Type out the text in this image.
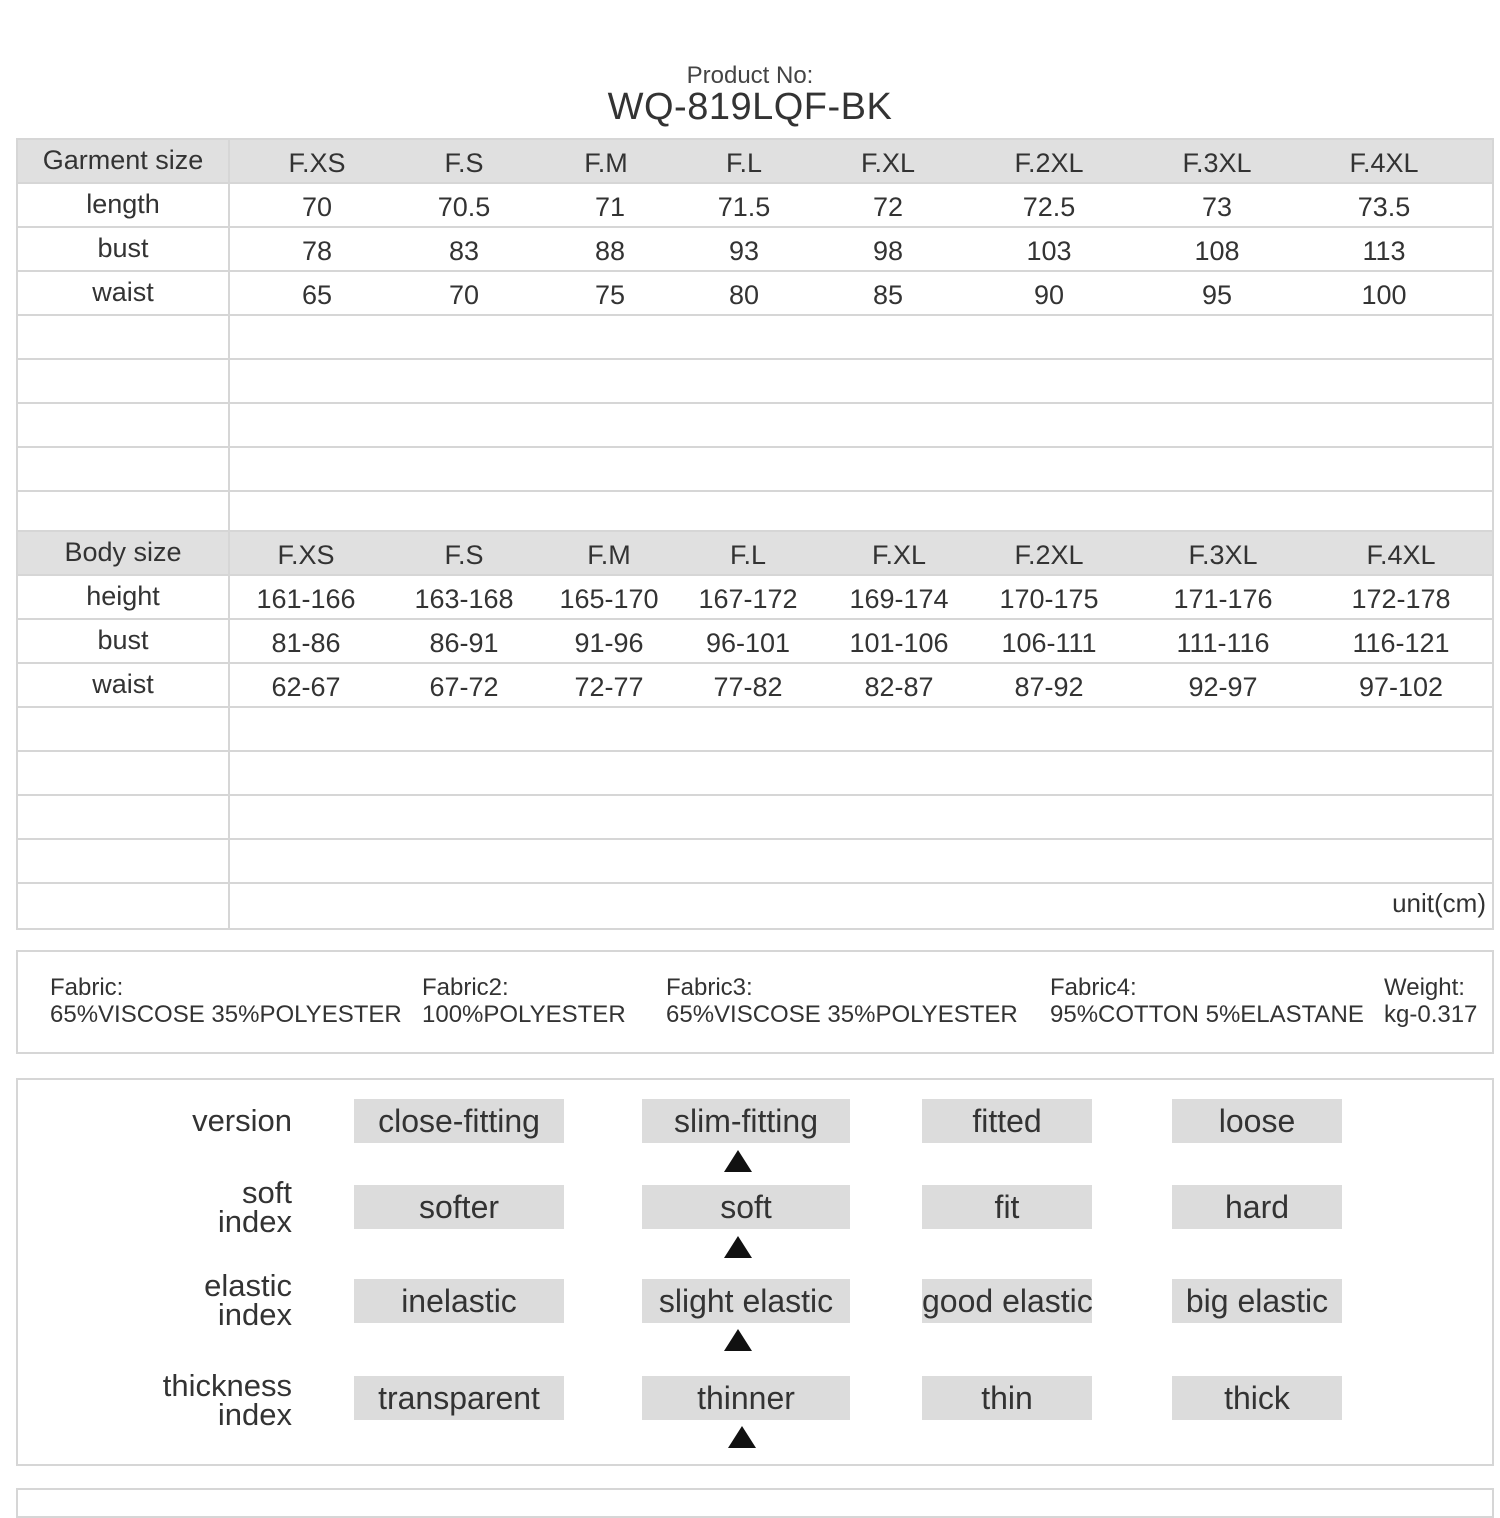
Product No:
WQ-819LQF-BK
Garment size	F.XS	F.S	F.M	F.L	F.XL	F.2XL	F.3XL	F.4XL
length	70	70.5	71	71.5	72	72.5	73	73.5
bust	78	83	88	93	98	103	108	113
waist	65	70	75	80	85	90	95	100
Body size	F.XS	F.S	F.M	F.L	F.XL	F.2XL	F.3XL	F.4XL
height	161-166 163-168 165-170 167-172 169-174 170-175	171-176	172-178
bust	81-86	86-91	91-96 96-101 101-106 106-111	111-116	116-121
waist	62-67	67-72	72-77	77-82	82-87	87-92	92-97	97-102
unit(cm)
Fabric:
65%VISCOSE 35%POLYESTER
Fabric2:
100%POLYESTER
Fabric3:
65%VISCOSE 35%POLYESTER
Fabric4:
95%COTTON 5%ELASTANE
Weight:
kg-0.317
version	close-fitting	slim-fitting	fitted	loose
soft
index	softer	soft	fit	hard
elastic
index	inelastic	slight elastic	good elastic	big elastic
thickness
index	transparent	thinner	thin	thick
